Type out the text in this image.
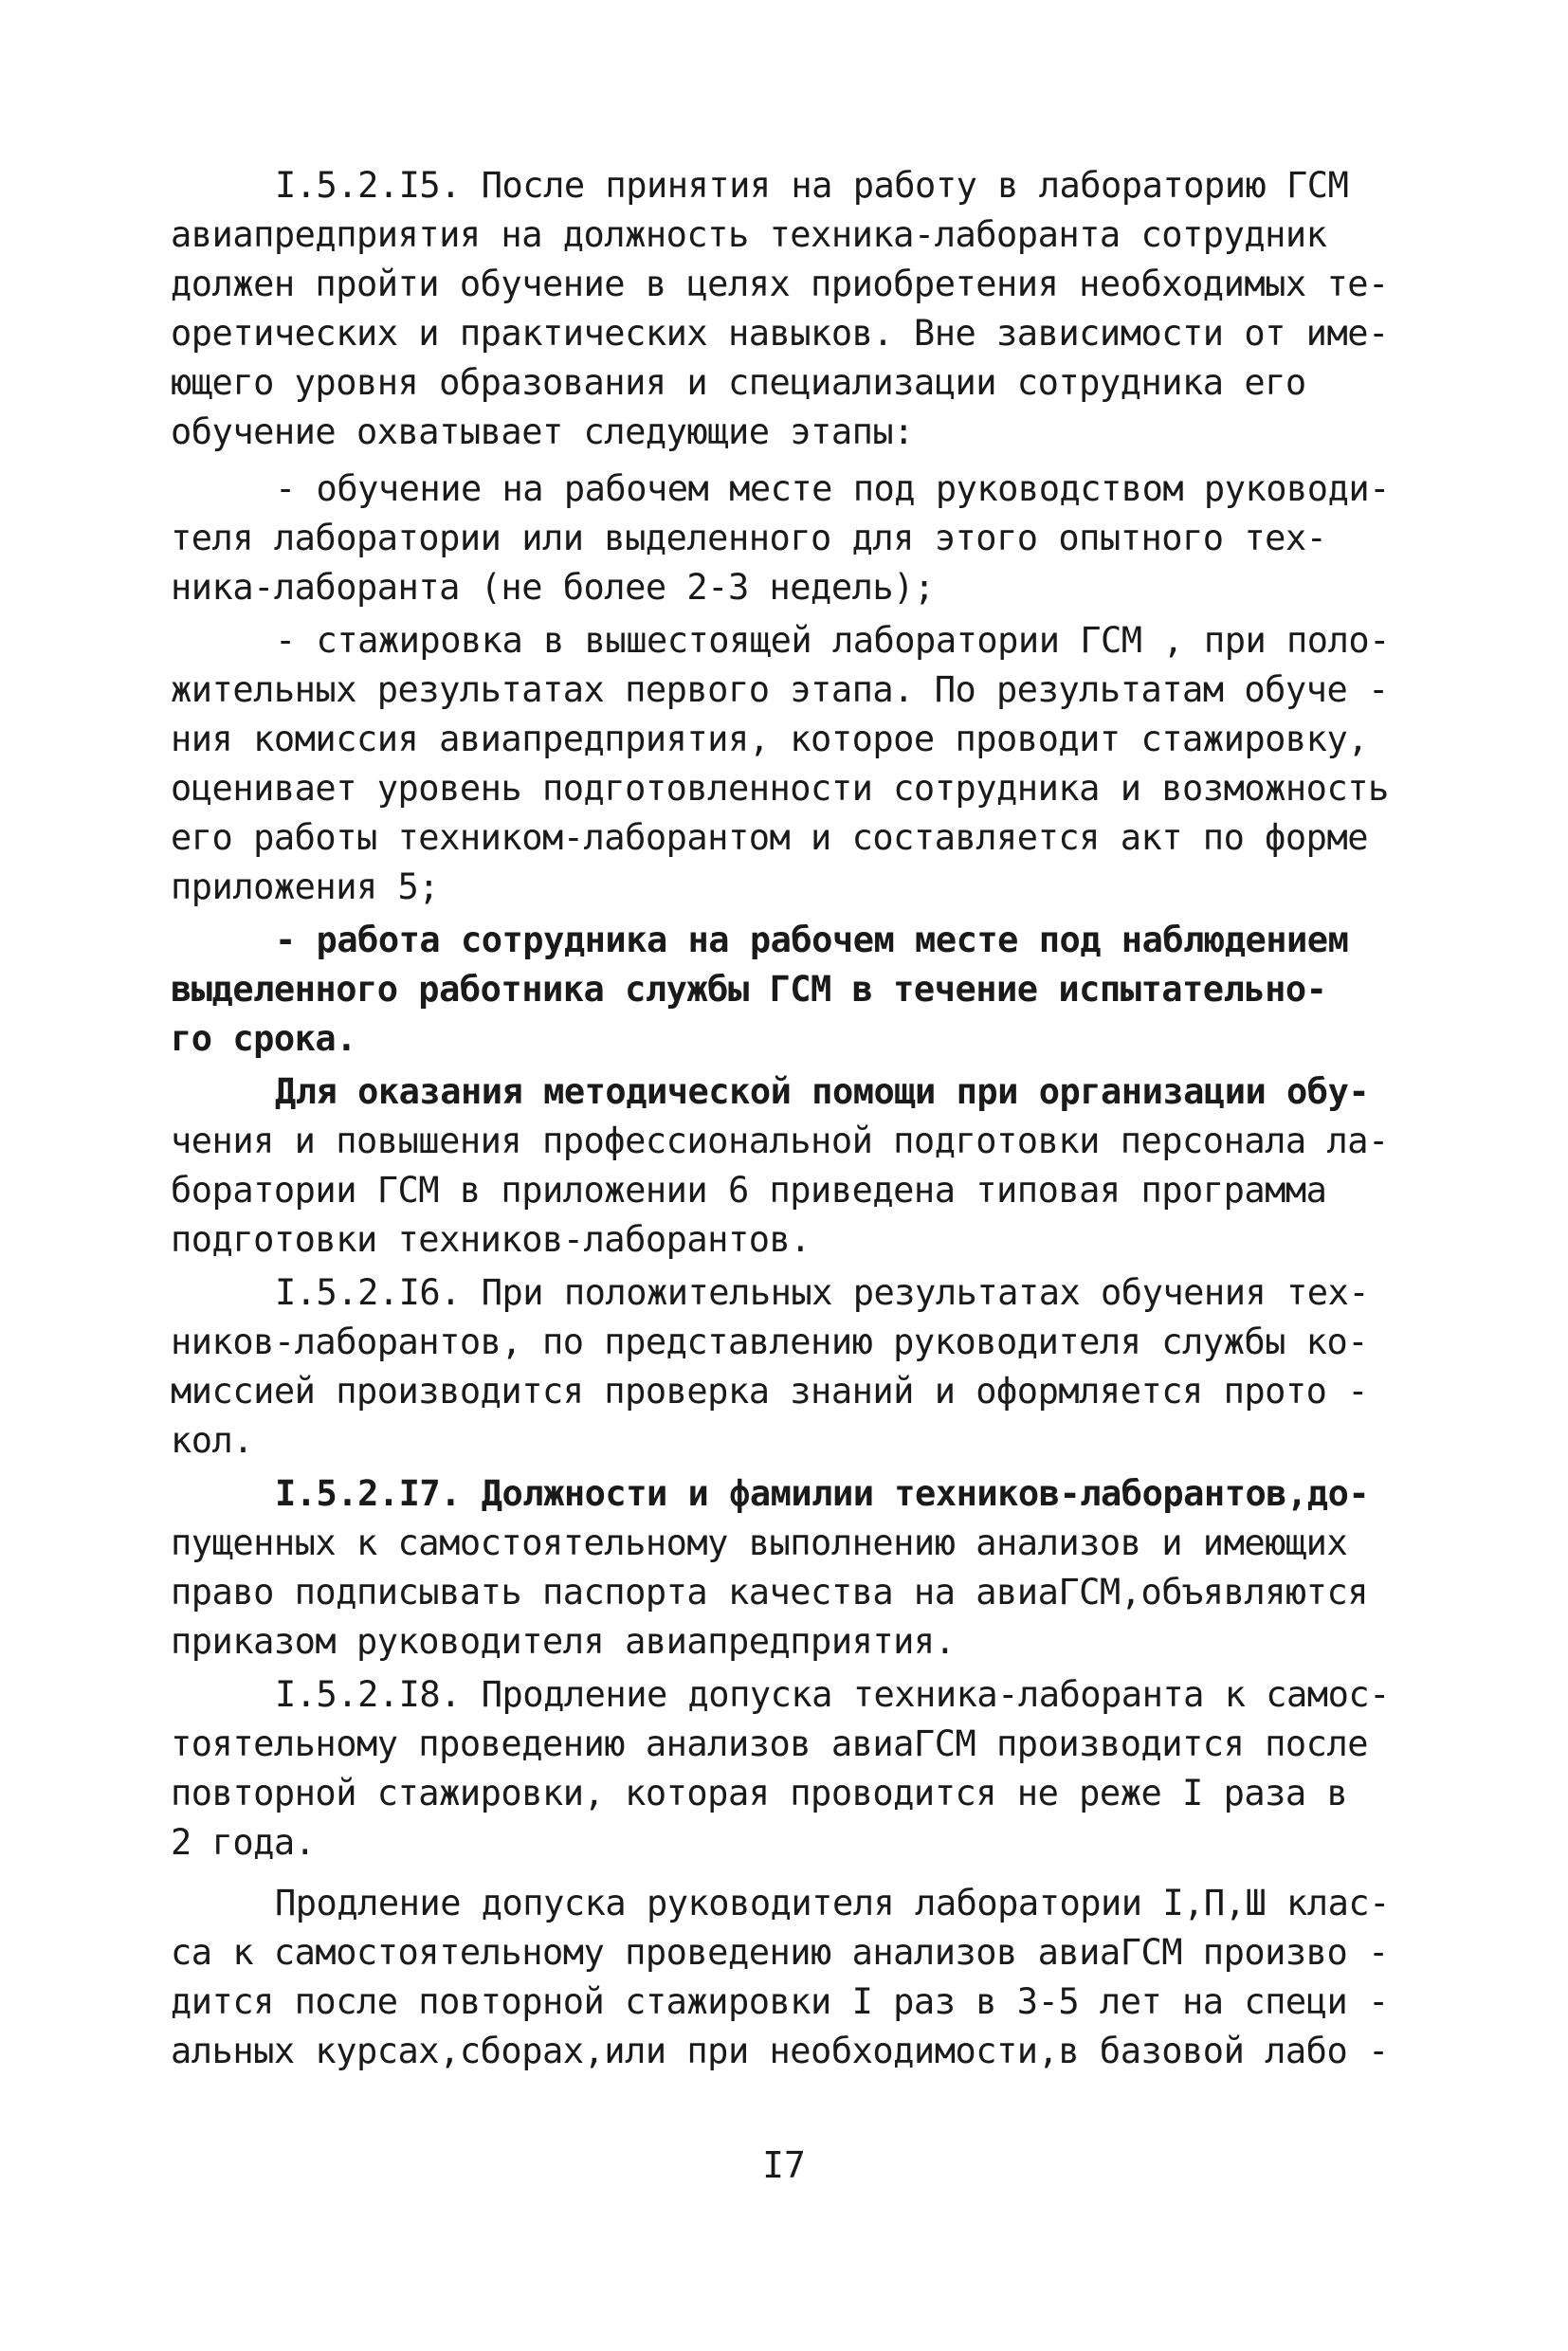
I.5.2.I5. После принятия на работу в лабораторию ГСМ
авиапредприятия на должность техника-лаборанта сотрудник
должен пройти обучение в целях приобретения необходимых те-
оретических и практических навыков. Вне зависимости от име-
ющего уровня образования и специализации сотрудника его
обучение охватывает следующие этапы:
- обучение на рабочем месте под руководством руководи-
теля лаборатории или выделенного для этого опытного тех-
ника-лаборанта (не более 2-3 недель);
- стажировка в вышестоящей лаборатории ГСМ , при поло-
жительных результатах первого этапа. По результатам обуче -
ния комиссия авиапредприятия, которое проводит стажировку,
оценивает уровень подготовленности сотрудника и возможность
его работы техником-лаборантом и составляется акт по форме
приложения 5;
- работа сотрудника на рабочем месте под наблюдением
выделенного работника службы ГСМ в течение испытательно-
го срока.
Для оказания методической помощи при организации обу-
чения и повышения профессиональной подготовки персонала ла-
боратории ГСМ в приложении 6 приведена типовая программа
подготовки техников-лаборантов.
I.5.2.I6. При положительных результатах обучения тех-
ников-лаборантов, по представлению руководителя службы ко-
миссией производится проверка знаний и оформляется прото -
кол.
I.5.2.I7. Должности и фамилии техников-лаборантов,до-
пущенных к самостоятельному выполнению анализов и имеющих
право подписывать паспорта качества на авиаГСМ,объявляются
приказом руководителя авиапредприятия.
I.5.2.I8. Продление допуска техника-лаборанта к самос-
тоятельному проведению анализов авиаГСМ производится после
повторной стажировки, которая проводится не реже I раза в
2 года.
Продление допуска руководителя лаборатории I,П,Ш клас-
са к самостоятельному проведению анализов авиаГСМ произво -
дится после повторной стажировки I раз в 3-5 лет на специ -
альных курсах,сборах,или при необходимости,в базовой лабо -
I7
